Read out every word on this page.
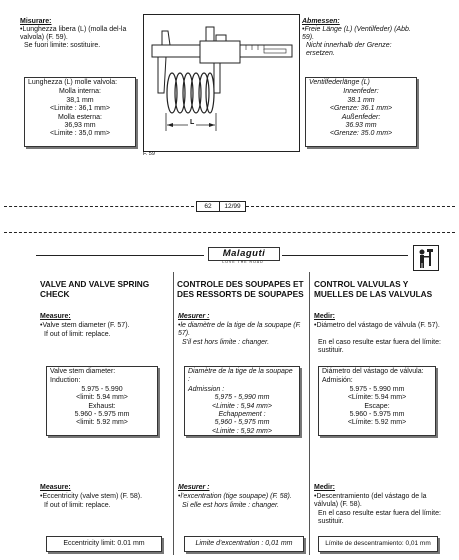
Misurare:
• Lunghezza libera (L) (molla del-la valvola) (F. 59).
Se fuori limite: sostituire.
Lunghezza (L) molle valvola:
Molla interna:
38,1 mm
<Limite : 36,1 mm>
Molla esterna:
36,93 mm
<Limite : 35,0 mm>
L
F. 59
Abmessen:
• Freie Länge (L) (Ventilfeder) (Abb. 59).
Nicht innerhalb der Grenze: ersetzen.
Ventilfederlänge (L)
Innenfeder:
38.1 mm
<Grenze: 36.1 mm>
Außenfeder:
36.93 mm
<Grenze: 35.0 mm>
62	12/99
Malaguti
LOVE THE ROAD
VALVE AND VALVE SPRING CHECK
Measure:
• Valve stem diameter (F. 57).
If out of limit: replace.
Valve stem diameter:
Induction:
5.975 - 5.990
<limit: 5.94 mm>
Exhaust:
5.960 - 5.975 mm
<limit: 5.92 mm>
Measure:
• Eccentricity (valve stem) (F. 58).
If out of limit: replace.
Eccentricity limit: 0.01 mm
CONTROLE DES SOUPAPES ET DES RESSORTS DE SOUPAPES
Mesurer :
• le diamètre de la tige de la soupape (F. 57).
S'il est hors limite : changer.
Diamètre de la tige de la soupape :
Admission :
5,975 - 5,990 mm
<Limite : 5,94 mm>
Echappement :
5,960 - 5,975 mm
<Limite : 5,92 mm>
Mesurer :
• l'excentration (tige soupape) (F. 58).
Si elle est hors limite : changer.
Limite d'excentration : 0,01 mm
CONTROL VALVULAS Y MUELLES DE LAS VALVULAS
Medir:
• Diámetro del vástago de válvula (F. 57).
En el caso resulte estar fuera del límite: sustituir.
Diámetro del vástago de válvula:
Admisión:
5.975 - 5.990 mm
<Límite: 5.94 mm>
Escape:
5.960 - 5.975 mm
<Límite: 5.92 mm>
Medir:
• Descentramiento (del vástago de la válvula) (F. 58).
En el caso resulte estar fuera del límite: sustituir.
Límite de descentramiento: 0,01 mm
